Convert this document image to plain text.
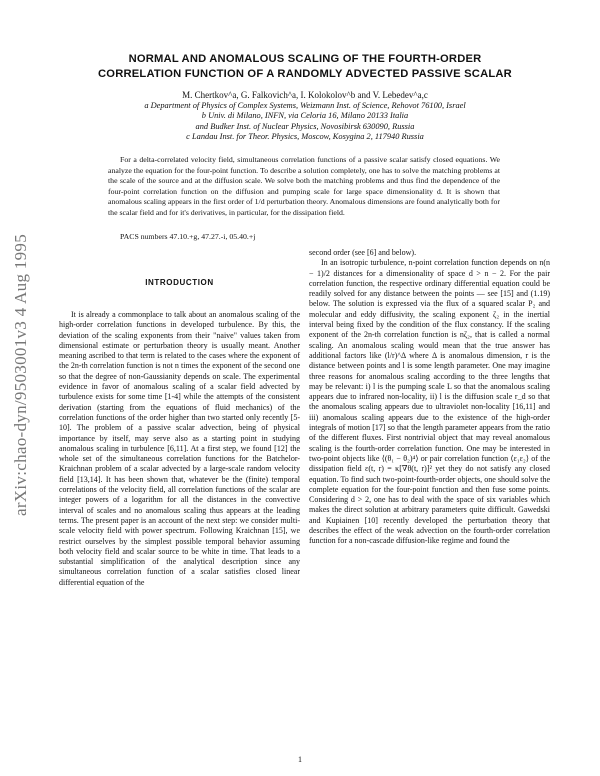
arXiv:chao-dyn/9503001v3 4 Aug 1995
NORMAL AND ANOMALOUS SCALING OF THE FOURTH-ORDER
CORRELATION FUNCTION OF A RANDOMLY ADVECTED PASSIVE SCALAR
M. Chertkov^a, G. Falkovich^a, I. Kolokolov^b and V. Lebedev^a,c
a Department of Physics of Complex Systems, Weizmann Inst. of Science, Rehovot 76100, Israel
b Univ. di Milano, INFN, via Celoria 16, Milano 20133 Italia
and Budker Inst. of Nuclear Physics, Novosibirsk 630090, Russia
c Landau Inst. for Theor. Physics, Moscow, Kosygina 2, 117940 Russia
For a delta-correlated velocity field, simultaneous correlation functions of a passive scalar satisfy closed equations. We analyze the equation for the four-point function. To describe a solution completely, one has to solve the matching problems at the scale of the source and at the diffusion scale. We solve both the matching problems and thus find the dependence of the four-point correlation function on the diffusion and pumping scale for large space dimensionality d. It is shown that anomalous scaling appears in the first order of 1/d perturbation theory. Anomalous dimensions are found analytically both for the scalar field and for it's derivatives, in particular, for the dissipation field.
PACS numbers 47.10.+g, 47.27.-i, 05.40.+j
INTRODUCTION

It is already a commonplace to talk about an anomalous scaling of the high-order correlation functions in developed turbulence. By this, the deviation of the scaling exponents from their "naive" values taken from dimensional estimate or perturbation theory is usually meant. Another meaning ascribed to that term is related to the cases where the exponent of the 2n-th correlation function is not n times the exponent of the second one so that the degree of non-Gaussianity depends on scale. The experimental evidence in favor of anomalous scaling of a scalar field advected by turbulence exists for some time [1-4] while the attempts of the consistent derivation (starting from the equations of fluid mechanics) of the correlation functions of the order higher than two started only recently [5-10]. The problem of a passive scalar advection, being of physical importance by itself, may serve also as a starting point in studying anomalous scaling in turbulence [6,11]. At a first step, we found [12] the whole set of the simultaneous correlation functions for the Batchelor-Kraichnan problem of a scalar advected by a large-scale random velocity field [13,14]. It has been shown that, whatever be the (finite) temporal correlations of the velocity field, all correlation functions of the scalar are integer powers of a logarithm for all the distances in the convective interval of scales and no anomalous scaling thus appears at the leading terms. The present paper is an account of the next step: we consider multi-scale velocity field with power spectrum. Following Kraichnan [15], we restrict ourselves by the simplest possible temporal behavior assuming both velocity field and scalar source to be white in time. That leads to a substantial simplification of the analytical description since any simultaneous correlation function of a scalar satisfies closed linear differential equation of the

second order (see [6] and below).

In an isotropic turbulence, n-point correlation function depends on n(n − 1)/2 distances for a dimensionality of space d > n − 2. For the pair correlation function, the respective ordinary differential equation could be readily solved for any distance between the points — see [15] and (1.19) below. The solution is expressed via the flux of a squared scalar P₂ and molecular and eddy diffusivity, the scaling exponent ζ₂ in the inertial interval being fixed by the condition of the flux constancy. If the scaling exponent of the 2n-th correlation function is nζ₂, that is called a normal scaling. An anomalous scaling would mean that the true answer has additional factors like (l/r)^Δ where Δ is anomalous dimension, r is the distance between points and l is some length parameter. One may imagine three reasons for anomalous scaling according to the three lengths that may be relevant: i) l is the pumping scale L so that the anomalous scaling appears due to infrared non-locality, ii) l is the diffusion scale r_d so that the anomalous scaling appears due to ultraviolet non-locality [16,11] and iii) anomalous scaling appears due to the existence of the high-order integrals of motion [17] so that the length parameter appears from the ratio of the different fluxes. First nontrivial object that may reveal anomalous scaling is the fourth-order correlation function. One may be interested in two-point objects like ⟨(θ₁ − θ₂)⁴⟩ or pair correlation function ⟨ε₁ε₂⟩ of the dissipation field ε(t, r) = κ[∇θ(t, r)]² yet they do not satisfy any closed equation. To find such two-point-fourth-order objects, one should solve the complete equation for the four-point function and then fuse some points. Considering d > 2, one has to deal with the space of six variables which makes the direct solution at arbitrary parameters quite difficult. Gawedski and Kupiainen [10] recently developed the perturbation theory that describes the effect of the weak advection on the fourth-order correlation function for a non-cascade diffusion-like regime and found the

1
